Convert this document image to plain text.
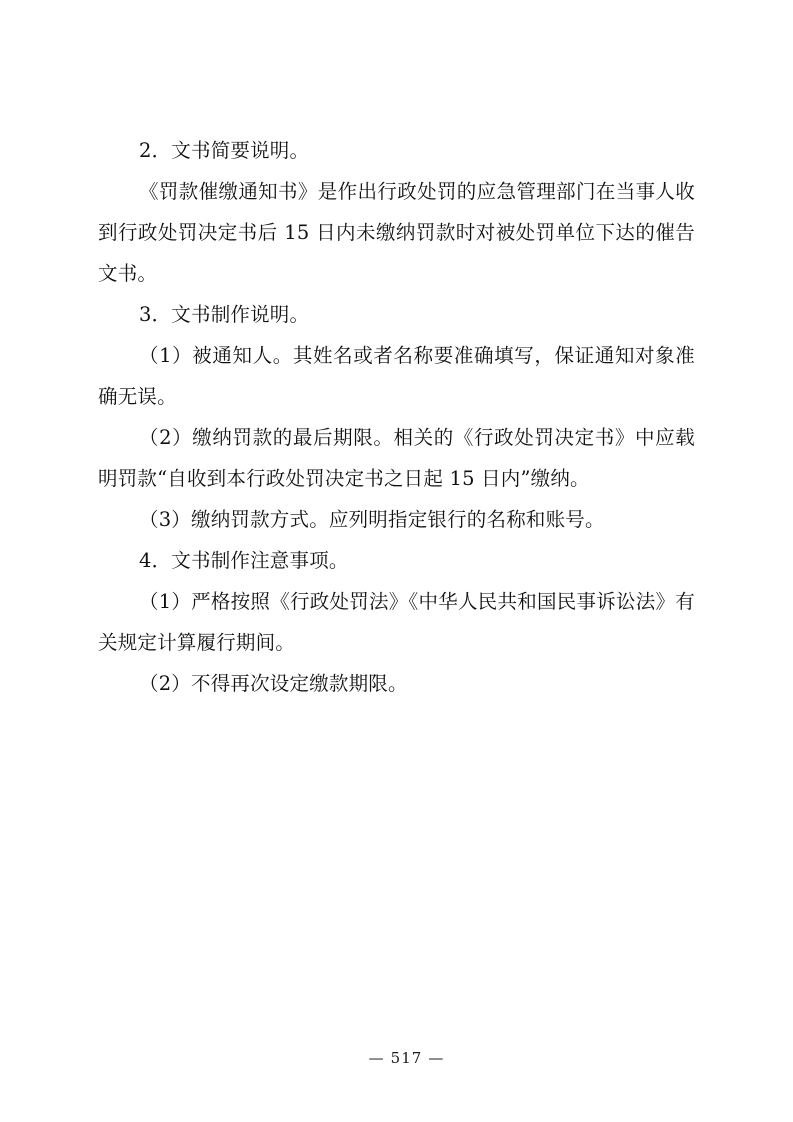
2．文书简要说明。

《罚款催缴通知书》是作出行政处罚的应急管理部门在当事人收到行政处罚决定书后 15 日内未缴纳罚款时对被处罚单位下达的催告文书。

3．文书制作说明。

（1）被通知人。其姓名或者名称要准确填写，保证通知对象准确无误。

（2）缴纳罚款的最后期限。相关的《行政处罚决定书》中应载明罚款“自收到本行政处罚决定书之日起 15 日内”缴纳。

（3）缴纳罚款方式。应列明指定银行的名称和账号。

4．文书制作注意事项。

（1）严格按照《行政处罚法》《中华人民共和国民事诉讼法》有关规定计算履行期间。

（2）不得再次设定缴款期限。

— 517 —
